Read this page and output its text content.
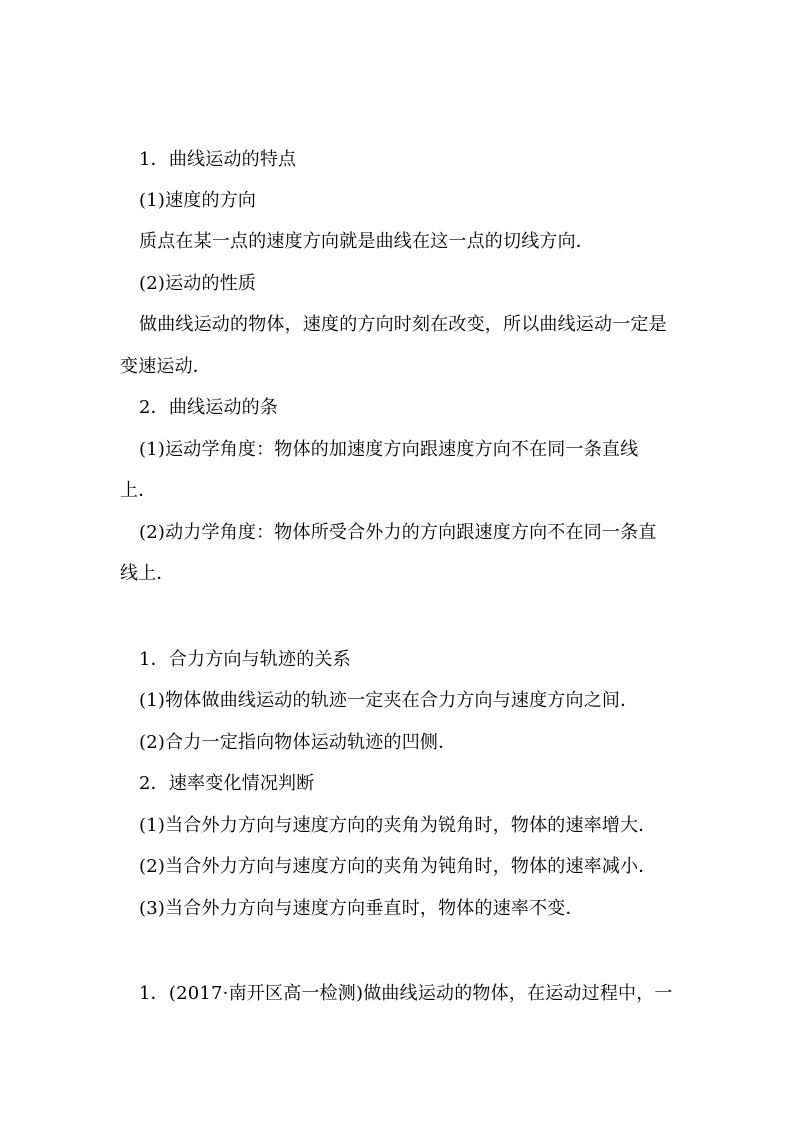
1．曲线运动的特点
(1)速度的方向
质点在某一点的速度方向就是曲线在这一点的切线方向．
(2)运动的性质
做曲线运动的物体，速度的方向时刻在改变，所以曲线运动一定是
变速运动．
2．曲线运动的条
(1)运动学角度：物体的加速度方向跟速度方向不在同一条直线
上．
(2)动力学角度：物体所受合外力的方向跟速度方向不在同一条直
线上．
1．合力方向与轨迹的关系
(1)物体做曲线运动的轨迹一定夹在合力方向与速度方向之间．
(2)合力一定指向物体运动轨迹的凹侧．
2．速率变化情况判断
(1)当合外力方向与速度方向的夹角为锐角时，物体的速率增大．
(2)当合外力方向与速度方向的夹角为钝角时，物体的速率减小．
(3)当合外力方向与速度方向垂直时，物体的速率不变．
1．(2017·南开区高一检测)做曲线运动的物体，在运动过程中，一
